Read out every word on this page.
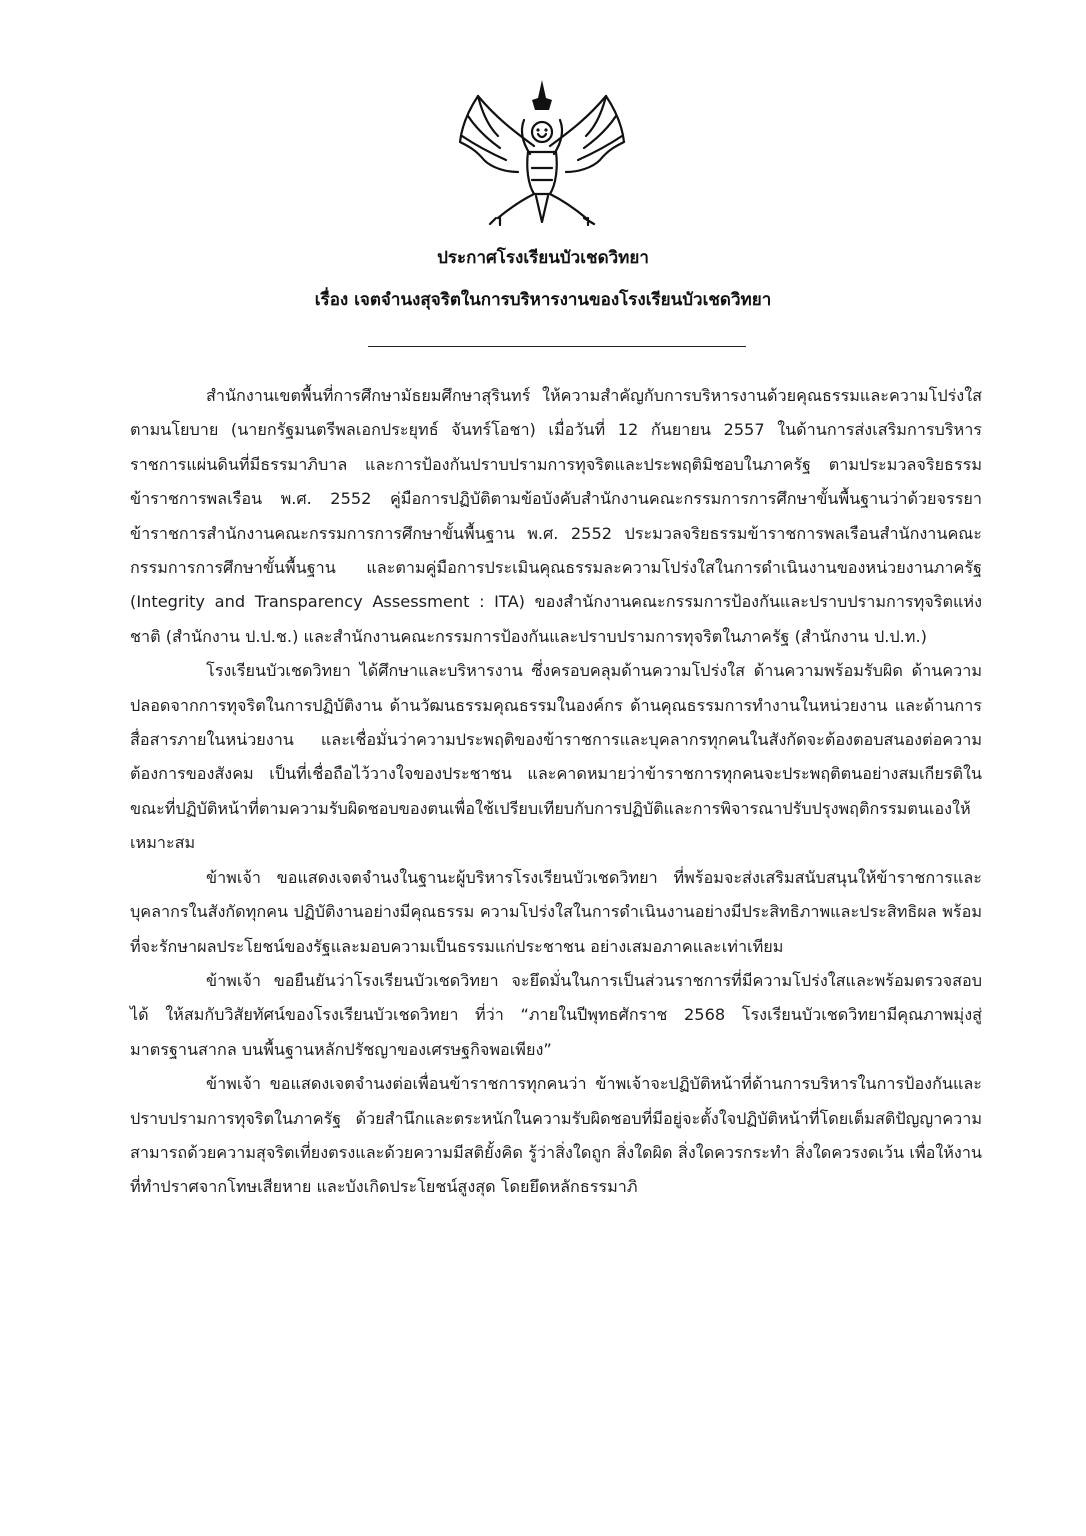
ประกาศโรงเรียนบัวเชดวิทยา
เรื่อง เจตจำนงสุจริตในการบริหารงานของโรงเรียนบัวเชดวิทยา

สำนักงานเขตพื้นที่การศึกษามัธยมศึกษาสุรินทร์ ให้ความสำคัญกับการบริหารงานด้วยคุณธรรมและความโปร่งใส ตามนโยบาย (นายกรัฐมนตรีพลเอกประยุทธ์ จันทร์โอชา) เมื่อวันที่ 12 กันยายน 2557 ในด้านการส่งเสริมการบริหารราชการแผ่นดินที่มีธรรมาภิบาล และการป้องกันปราบปรามการทุจริตและประพฤติมิชอบในภาครัฐ ตามประมวลจริยธรรมข้าราชการพลเรือน พ.ศ. 2552 คู่มือการปฏิบัติตามข้อบังคับสำนักงานคณะกรรมการการศึกษาขั้นพื้นฐานว่าด้วยจรรยาข้าราชการสำนักงานคณะกรรมการการศึกษาขั้นพื้นฐาน พ.ศ. 2552 ประมวลจริยธรรมข้าราชการพลเรือนสำนักงานคณะกรรมการการศึกษาขั้นพื้นฐาน และตามคู่มือการประเมินคุณธรรมละความโปร่งใสในการดำเนินงานของหน่วยงานภาครัฐ (Integrity and Transparency Assessment : ITA) ของสำนักงานคณะกรรมการป้องกันและปราบปรามการทุจริตแห่งชาติ (สำนักงาน ป.ป.ช.) และสำนักงานคณะกรรมการป้องกันและปราบปรามการทุจริตในภาครัฐ (สำนักงาน ป.ป.ท.)

โรงเรียนบัวเชดวิทยา ได้ศึกษาและบริหารงาน ซึ่งครอบคลุมด้านความโปร่งใส ด้านความพร้อมรับผิด ด้านความปลอดจากการทุจริตในการปฏิบัติงาน ด้านวัฒนธรรมคุณธรรมในองค์กร ด้านคุณธรรมการทำงานในหน่วยงาน และด้านการสื่อสารภายในหน่วยงาน และเชื่อมั่นว่าความประพฤติของข้าราชการและบุคลากรทุกคนในสังกัดจะต้องตอบสนองต่อความต้องการของสังคม เป็นที่เชื่อถือไว้วางใจของประชาชน และคาดหมายว่าข้าราชการทุกคนจะประพฤติตนอย่างสมเกียรติในขณะที่ปฏิบัติหน้าที่ตามความรับผิดชอบของตนเพื่อใช้เปรียบเทียบกับการปฏิบัติและการพิจารณาปรับปรุงพฤติกรรมตนเองให้เหมาะสม

ข้าพเจ้า ขอแสดงเจตจำนงในฐานะผู้บริหารโรงเรียนบัวเชดวิทยา ที่พร้อมจะส่งเสริมสนับสนุนให้ข้าราชการและบุคลากรในสังกัดทุกคน ปฏิบัติงานอย่างมีคุณธรรม ความโปร่งใสในการดำเนินงานอย่างมีประสิทธิภาพและประสิทธิผล พร้อมที่จะรักษาผลประโยชน์ของรัฐและมอบความเป็นธรรมแก่ประชาชน อย่างเสมอภาคและเท่าเทียม

ข้าพเจ้า ขอยืนยันว่าโรงเรียนบัวเชดวิทยา จะยึดมั่นในการเป็นส่วนราชการที่มีความโปร่งใสและพร้อมตรวจสอบได้ ให้สมกับวิสัยทัศน์ของโรงเรียนบัวเชดวิทยา ที่ว่า “ภายในปีพุทธศักราช 2568 โรงเรียนบัวเชดวิทยามีคุณภาพมุ่งสู่มาตรฐานสากล บนพื้นฐานหลักปรัชญาของเศรษฐกิจพอเพียง”

ข้าพเจ้า ขอแสดงเจตจำนงต่อเพื่อนข้าราชการทุกคนว่า ข้าพเจ้าจะปฏิบัติหน้าที่ด้านการบริหารในการป้องกันและปราบปรามการทุจริตในภาครัฐ ด้วยสำนึกและตระหนักในความรับผิดชอบที่มีอยู่จะตั้งใจปฏิบัติหน้าที่โดยเต็มสติปัญญาความสามารถด้วยความสุจริตเที่ยงตรงและด้วยความมีสติยั้งคิด รู้ว่าสิ่งใดถูก สิ่งใดผิด สิ่งใดควรกระทำ สิ่งใดควรงดเว้น เพื่อให้งานที่ทำปราศจากโทษเสียหาย และบังเกิดประโยชน์สูงสุด โดยยึดหลักธรรมาภิ
